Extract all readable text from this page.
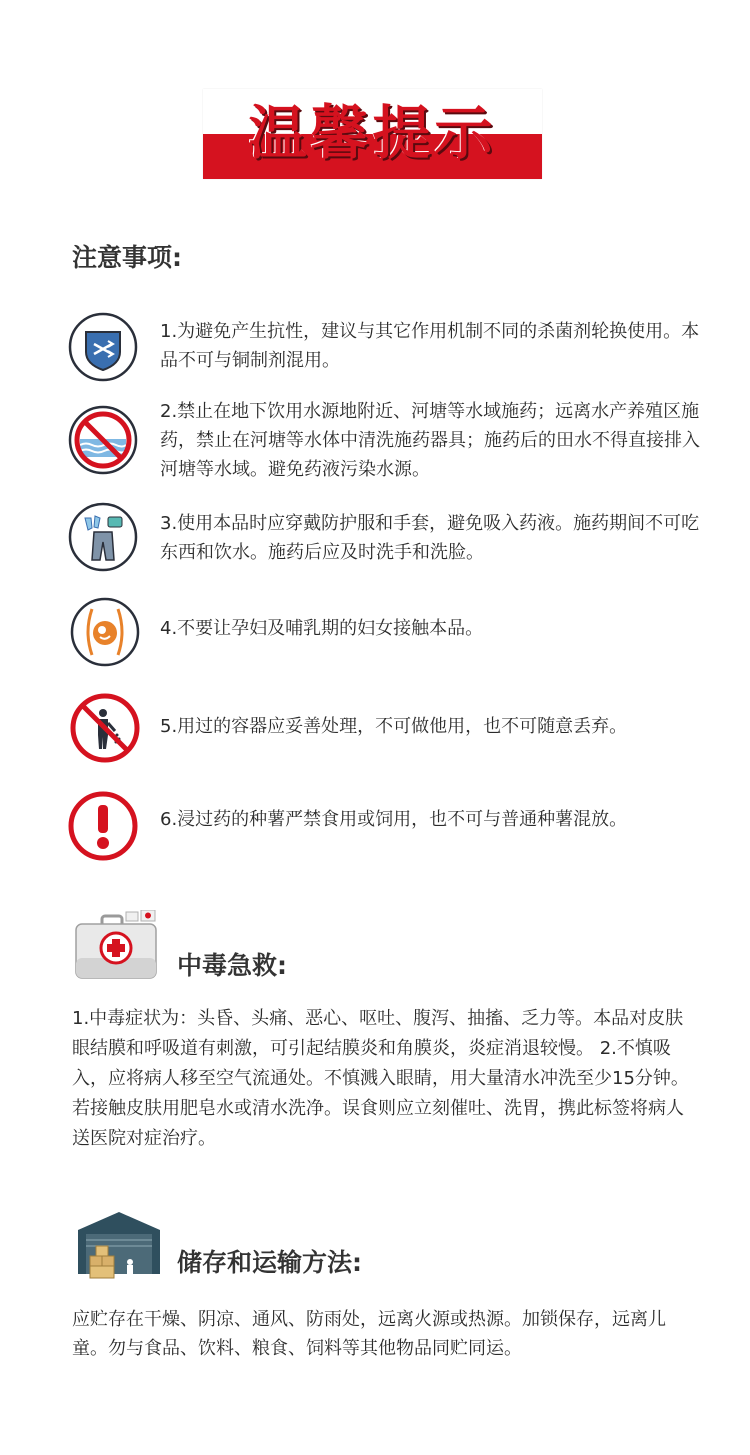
温馨提示
注意事项:
1.为避免产生抗性，建议与其它作用机制不同的杀菌剂轮换使用。本品不可与铜制剂混用。
2.禁止在地下饮用水源地附近、河塘等水域施药；远离水产养殖区施药，禁止在河塘等水体中清洗施药器具；施药后的田水不得直接排入河塘等水域。避免药液污染水源。
3.使用本品时应穿戴防护服和手套，避免吸入药液。施药期间不可吃东西和饮水。施药后应及时洗手和洗脸。
4.不要让孕妇及哺乳期的妇女接触本品。
5.用过的容器应妥善处理，不可做他用，也不可随意丢弃。
6.浸过药的种薯严禁食用或饲用，也不可与普通种薯混放。
中毒急救:
1.中毒症状为：头昏、头痛、恶心、呕吐、腹泻、抽搐、乏力等。本品对皮肤眼结膜和呼吸道有刺激，可引起结膜炎和角膜炎，炎症消退较慢。 2.不慎吸入，应将病人移至空气流通处。不慎溅入眼睛，用大量清水冲洗至少15分钟。若接触皮肤用肥皂水或清水洗净。误食则应立刻催吐、洗胃，携此标签将病人送医院对症治疗。
储存和运输方法:
应贮存在干燥、阴凉、通风、防雨处，远离火源或热源。加锁保存，远离儿童。勿与食品、饮料、粮食、饲料等其他物品同贮同运。
